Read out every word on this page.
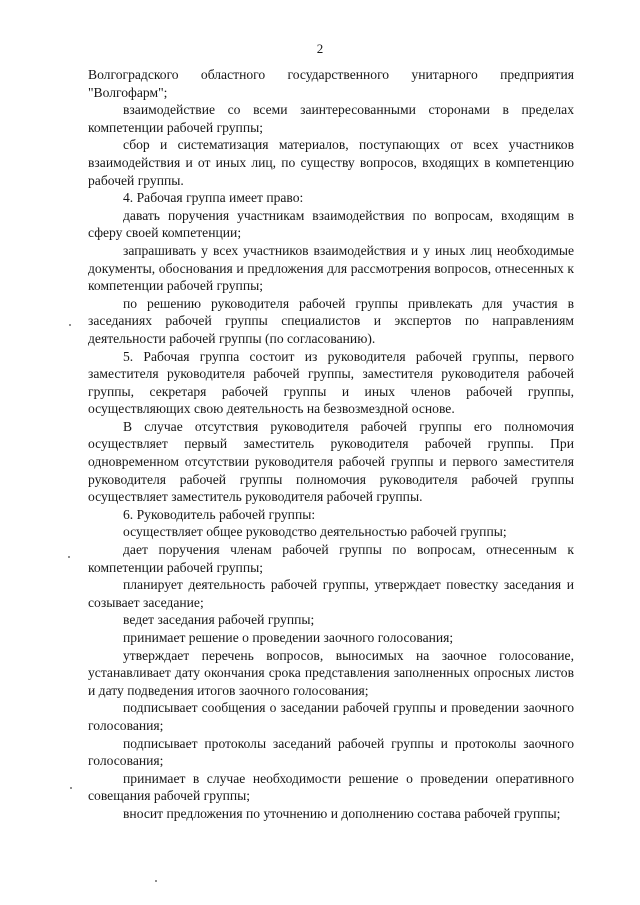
2

Волгоградского областного государственного унитарного предприятия "Волгофарм";

взаимодействие со всеми заинтересованными сторонами в пределах компетенции рабочей группы;

сбор и систематизация материалов, поступающих от всех участников взаимодействия и от иных лиц, по существу вопросов, входящих в компетенцию рабочей группы.

4. Рабочая группа имеет право:

давать поручения участникам взаимодействия по вопросам, входящим в сферу своей компетенции;

запрашивать у всех участников взаимодействия и у иных лиц необходимые документы, обоснования и предложения для рассмотрения вопросов, отнесенных к компетенции рабочей группы;

по решению руководителя рабочей группы привлекать для участия в заседаниях рабочей группы специалистов и экспертов по направлениям деятельности рабочей группы (по согласованию).

5. Рабочая группа состоит из руководителя рабочей группы, первого заместителя руководителя рабочей группы, заместителя руководителя рабочей группы, секретаря рабочей группы и иных членов рабочей группы, осуществляющих свою деятельность на безвозмездной основе.

В случае отсутствия руководителя рабочей группы его полномочия осуществляет первый заместитель руководителя рабочей группы. При одновременном отсутствии руководителя рабочей группы и первого заместителя руководителя рабочей группы полномочия руководителя рабочей группы осуществляет заместитель руководителя рабочей группы.

6. Руководитель рабочей группы:

осуществляет общее руководство деятельностью рабочей группы;

дает поручения членам рабочей группы по вопросам, отнесенным к компетенции рабочей группы;

планирует деятельность рабочей группы, утверждает повестку заседания и созывает заседание;

ведет заседания рабочей группы;

принимает решение о проведении заочного голосования;

утверждает перечень вопросов, выносимых на заочное голосование, устанавливает дату окончания срока представления заполненных опросных листов и дату подведения итогов заочного голосования;

подписывает сообщения о заседании рабочей группы и проведении заочного голосования;

подписывает протоколы заседаний рабочей группы и протоколы заочного голосования;

принимает в случае необходимости решение о проведении оперативного совещания рабочей группы;

вносит предложения по уточнению и дополнению состава рабочей группы;
